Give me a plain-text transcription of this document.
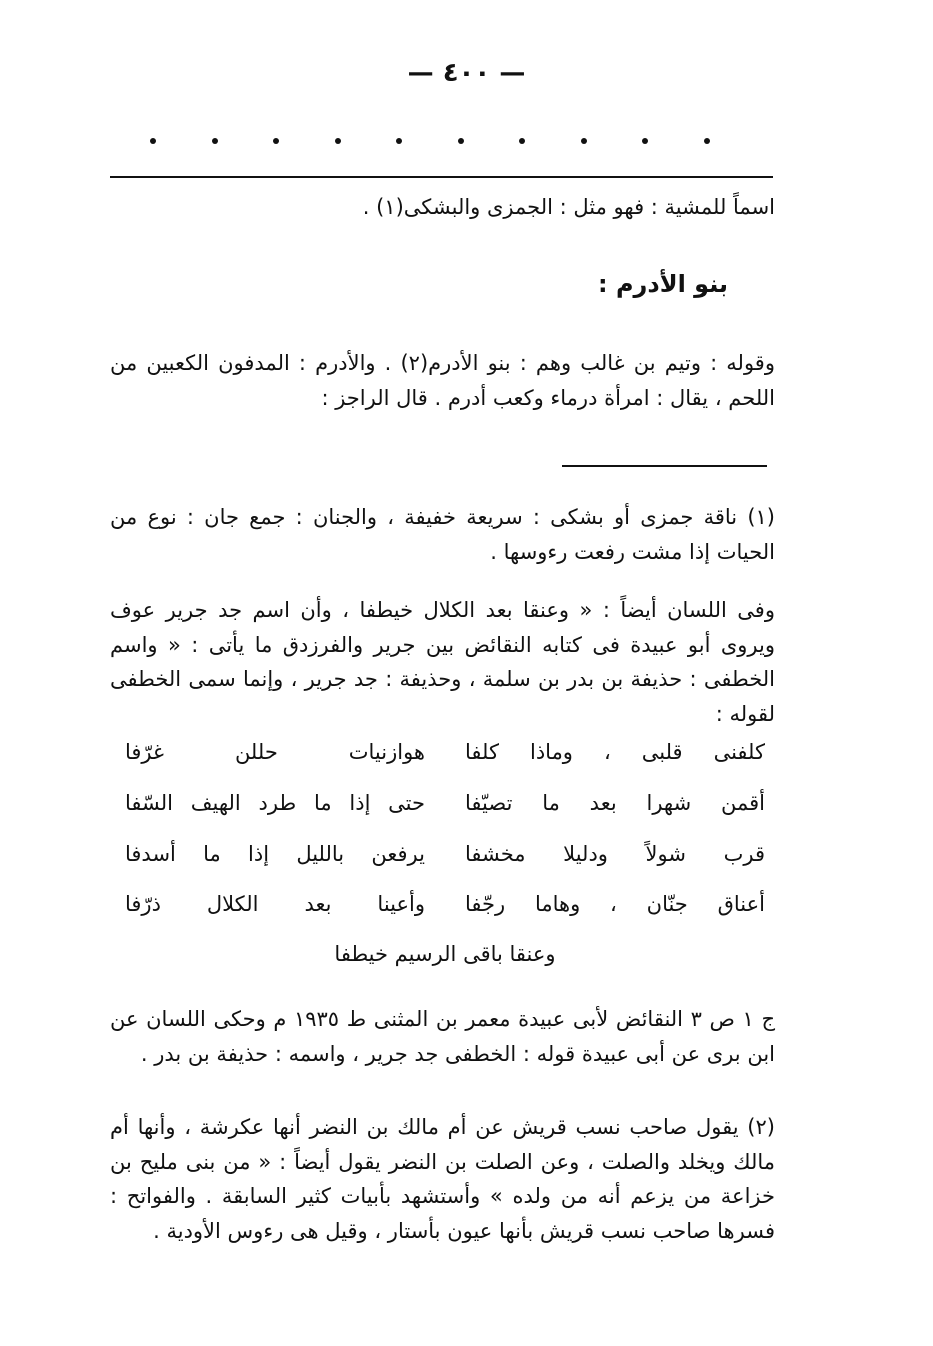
— ٤٠٠ —
اسماً للمشية : فهو مثل : الجمزى والبشكى(١) .
بنو الأدرم :
وقوله : وتيم بن غالب وهم : بنو الأدرم(٢) . والأدرم : المدفون الكعبين من اللحم ، يقال : امرأة درماء وكعب أدرم . قال الراجز :
(١) ناقة جمزى أو بشكى : سريعة خفيفة ، والجنان : جمع جان : نوع من الحيات إذا مشت رفعت رءوسها .
وفى اللسان أيضاً : « وعنقا بعد الكلال خيطفا ، وأن اسم جد جرير عوف ويروى أبو عبيدة فى كتابه النقائض بين جرير والفرزدق ما يأتى : « واسم الخطفى : حذيفة بن بدر بن سلمة ، وحذيفة : جد جرير ، وإنما سمى الخطفى لقوله :
كلفنى قلبى ، وماذا كلفا
هوازنيات حللن غرّفا
أقمن شهرا بعد ما تصيّفا
حتى إذا ما طرد الهيف السّفا
قرب شولاً ودليلا مخشفا
يرفعن بالليل إذا ما أسدفا
أعناق جنّان ، وهاما رجّفا
وأعينا بعد الكلال ذرّفا
وعنقا باقى الرسيم خيطفا
ج ١ ص ٣ النقائض لأبى عبيدة معمر بن المثنى ط ١٩٣٥ م وحكى اللسان عن ابن برى عن أبى عبيدة قوله : الخطفى جد جرير ، واسمه : حذيفة بن بدر .
(٢) يقول صاحب نسب قريش عن أم مالك بن النضر أنها عكرشة ، وأنها أم مالك ويخلد والصلت ، وعن الصلت بن النضر يقول أيضاً : « من بنى مليح بن خزاعة من يزعم أنه من ولده » وأستشهد بأبيات كثير السابقة . والفواتح : فسرها صاحب نسب قريش بأنها عيون بأستار ، وقيل هى رءوس الأودية .
